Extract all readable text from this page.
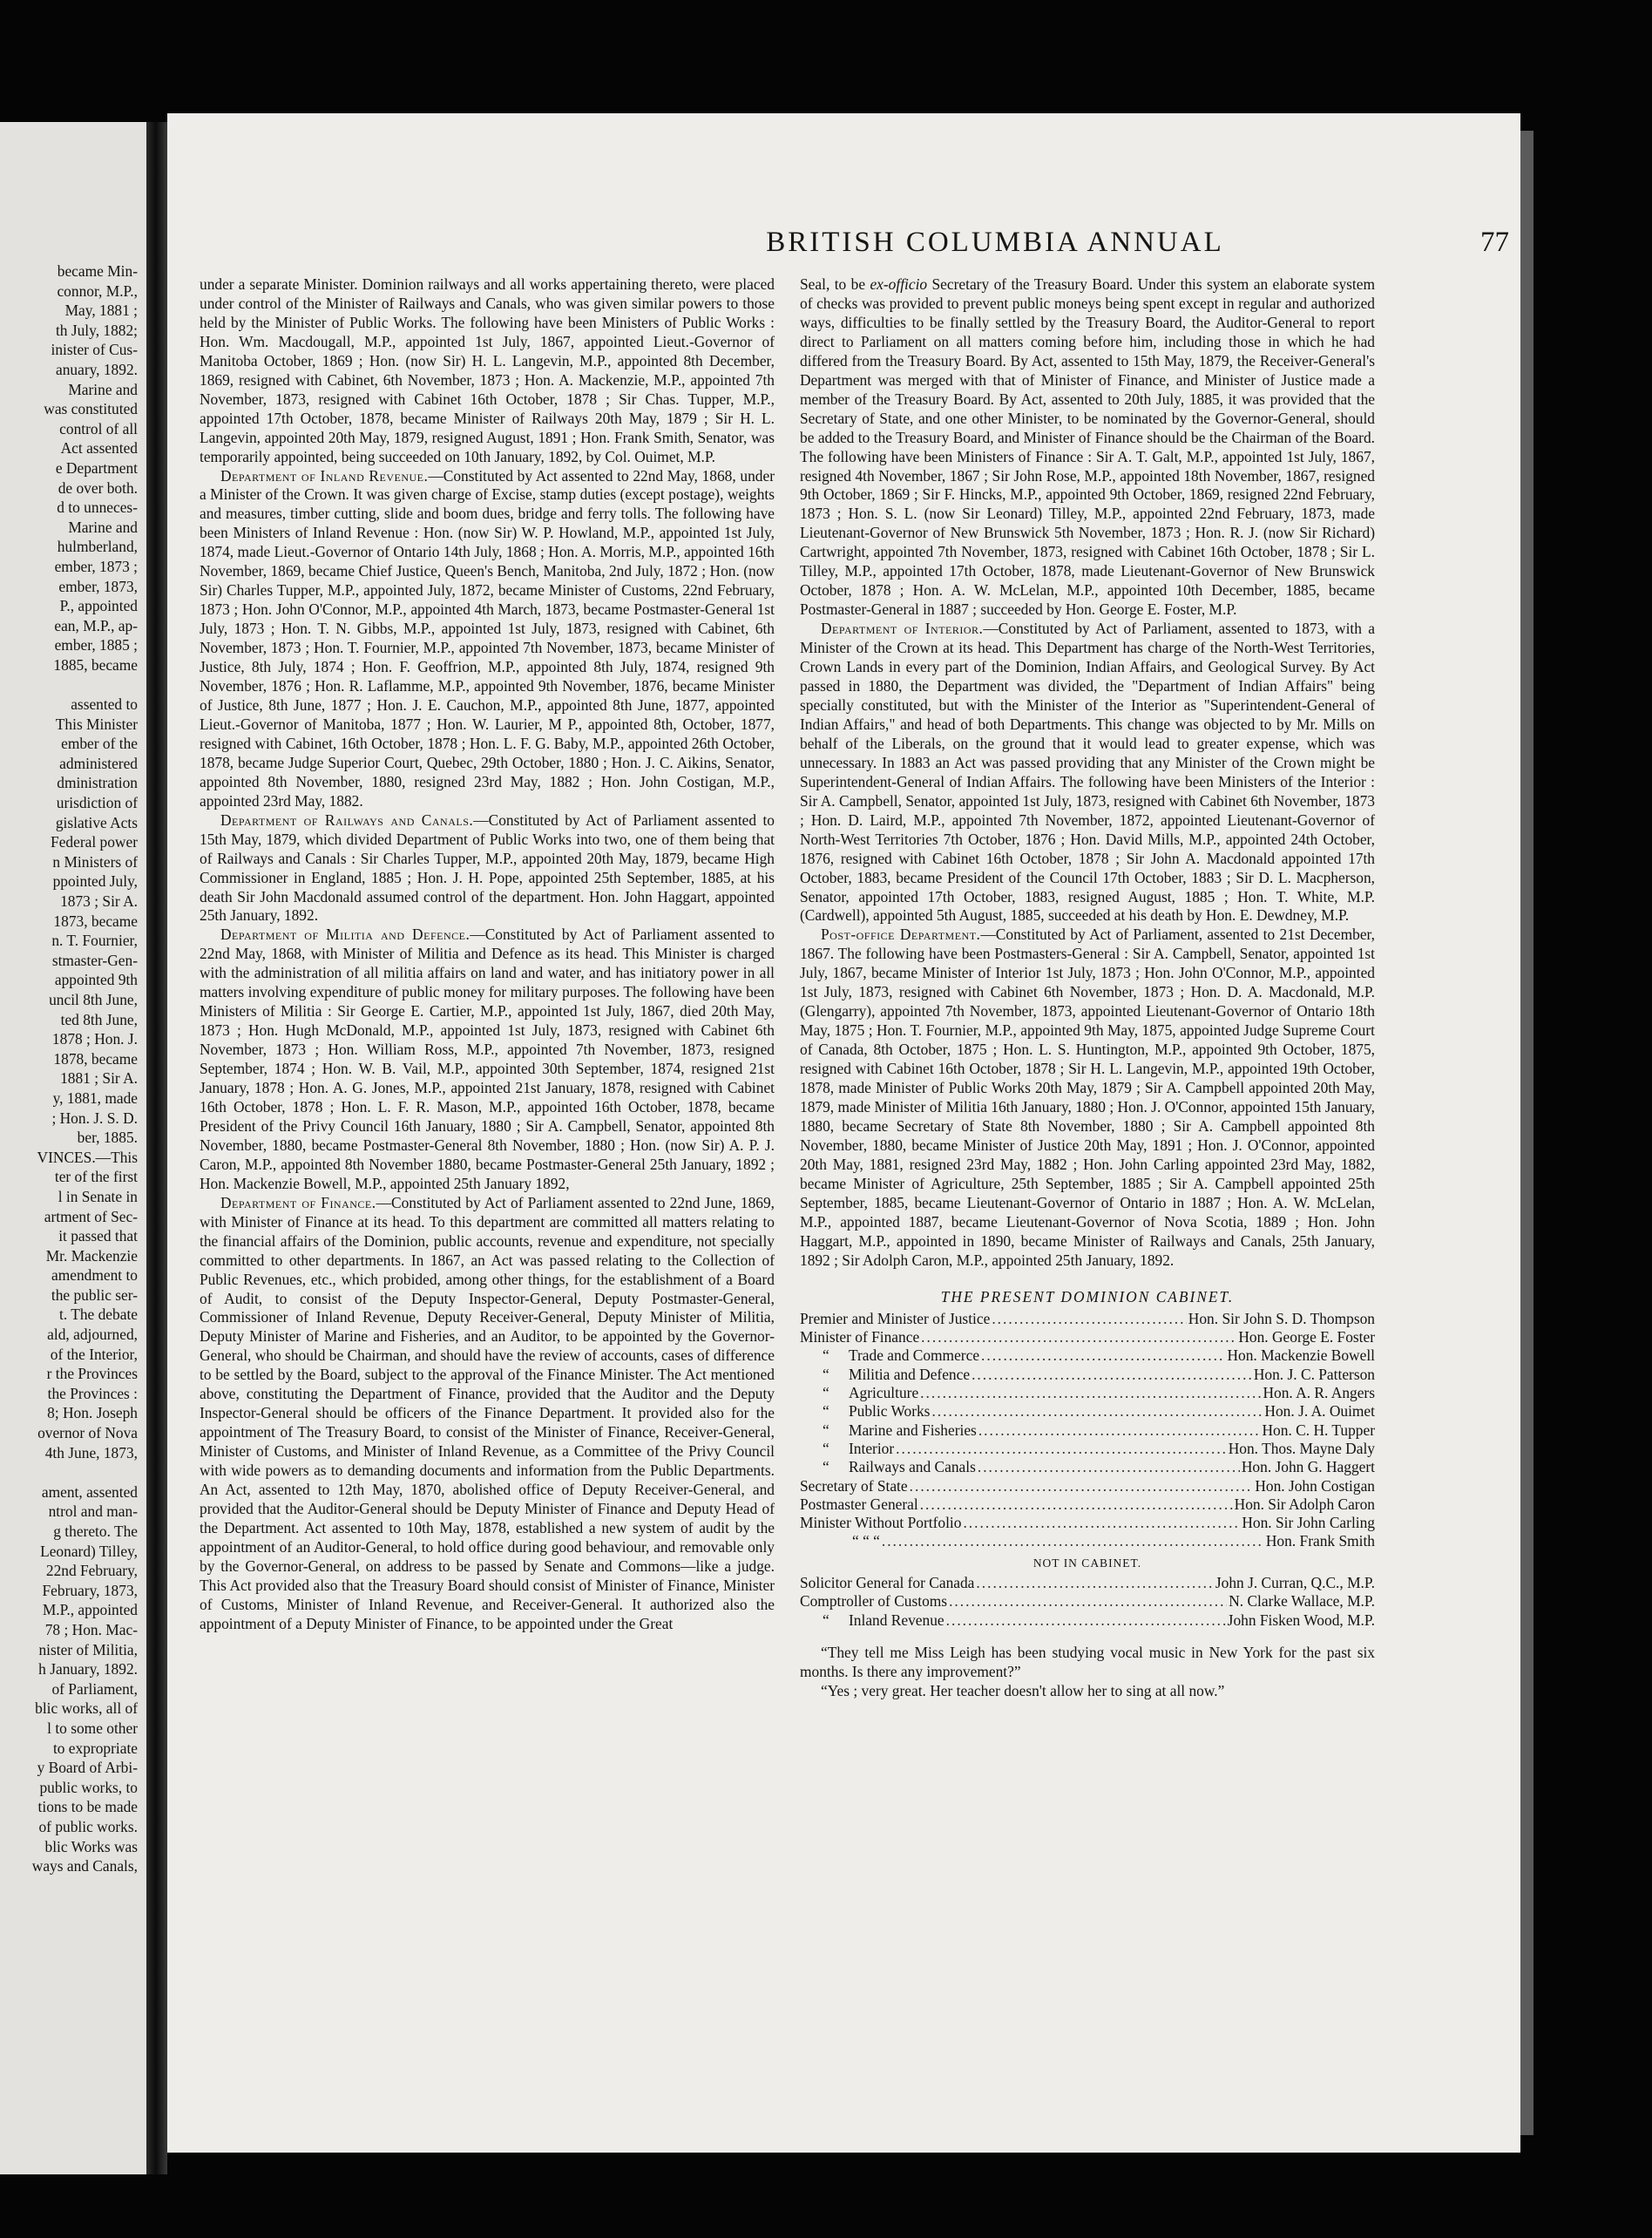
became Min-
connor, M.P.,
May, 1881 ;
th July, 1882;
inister of Cus-
anuary, 1892.
Marine and
was constituted
control of all
Act assented
e Department
de over both.
d to unneces-
Marine and
hulmberland,
ember, 1873 ;
ember, 1873,
P., appointed
ean, M.P., ap-
ember, 1885 ;
1885, became

assented to
This Minister
ember of the
administered
dministration
urisdiction of
gislative Acts
Federal power
n Ministers of
ppointed July,
1873 ; Sir A.
1873, became
n. T. Fournier,
stmaster-Gen-
appointed 9th
uncil 8th June,
ted 8th June,
1878 ; Hon. J.
1878, became
1881 ; Sir A.
y, 1881, made
; Hon. J. S. D.
ber, 1885.
VINCES.—This
ter of the first
l in Senate in
artment of Sec-
it passed that
Mr. Mackenzie
amendment to
the public ser-
t. The debate
ald, adjourned,
of the Interior,
r the Provinces
the Provinces :
8; Hon. Joseph
overnor of Nova
4th June, 1873,

ament, assented
ntrol and man-
g thereto. The
Leonard) Tilley,
22nd February,
February, 1873,
M.P., appointed
78 ; Hon. Mac-
nister of Militia,
h January, 1892.
of Parliament,
blic works, all of
l to some other
to expropriate
y Board of Arbi-
public works, to
tions to be made
of public works.
blic Works was
ways and Canals,
BRITISH COLUMBIA ANNUAL	77

under a separate Minister. Dominion railways and all works appertaining thereto, were placed under control of the Minister of Railways and Canals, who was given similar powers to those held by the Minister of Public Works. The following have been Ministers of Public Works : Hon. Wm. Macdougall, M.P., appointed 1st July, 1867, appointed Lieut.-Governor of Manitoba October, 1869 ; Hon. (now Sir) H. L. Langevin, M.P., appointed 8th December, 1869, resigned with Cabinet, 6th November, 1873 ; Hon. A. Mackenzie, M.P., appointed 7th November, 1873, resigned with Cabinet 16th October, 1878 ; Sir Chas. Tupper, M.P., appointed 17th October, 1878, became Minister of Railways 20th May, 1879 ; Sir H. L. Langevin, appointed 20th May, 1879, resigned August, 1891 ; Hon. Frank Smith, Senator, was temporarily appointed, being succeeded on 10th January, 1892, by Col. Ouimet, M.P.

Department of Inland Revenue.—Constituted by Act assented to 22nd May, 1868, under a Minister of the Crown. It was given charge of Excise, stamp duties (except postage), weights and measures, timber cutting, slide and boom dues, bridge and ferry tolls. The following have been Ministers of Inland Revenue : Hon. (now Sir) W. P. Howland, M.P., appointed 1st July, 1874, made Lieut.-Governor of Ontario 14th July, 1868 ; Hon. A. Morris, M.P., appointed 16th November, 1869, became Chief Justice, Queen's Bench, Manitoba, 2nd July, 1872 ; Hon. (now Sir) Charles Tupper, M.P., appointed July, 1872, became Minister of Customs, 22nd February, 1873 ; Hon. John O'Connor, M.P., appointed 4th March, 1873, became Postmaster-General 1st July, 1873 ; Hon. T. N. Gibbs, M.P., appointed 1st July, 1873, resigned with Cabinet, 6th November, 1873 ; Hon. T. Fournier, M.P., appointed 7th November, 1873, became Minister of Justice, 8th July, 1874 ; Hon. F. Geoffrion, M.P., appointed 8th July, 1874, resigned 9th November, 1876 ; Hon. R. Laflamme, M.P., appointed 9th November, 1876, became Minister of Justice, 8th June, 1877 ; Hon. J. E. Cauchon, M.P., appointed 8th June, 1877, appointed Lieut.-Governor of Manitoba, 1877 ; Hon. W. Laurier, M P., appointed 8th, October, 1877, resigned with Cabinet, 16th October, 1878 ; Hon. L. F. G. Baby, M.P., appointed 26th October, 1878, became Judge Superior Court, Quebec, 29th October, 1880 ; Hon. J. C. Aikins, Senator, appointed 8th November, 1880, resigned 23rd May, 1882 ; Hon. John Costigan, M.P., appointed 23rd May, 1882.

Department of Railways and Canals.—Constituted by Act of Parliament assented to 15th May, 1879, which divided Department of Public Works into two, one of them being that of Railways and Canals : Sir Charles Tupper, M.P., appointed 20th May, 1879, became High Commissioner in England, 1885 ; Hon. J. H. Pope, appointed 25th September, 1885, at his death Sir John Macdonald assumed control of the department. Hon. John Haggart, appointed 25th January, 1892.

Department of Militia and Defence.—Constituted by Act of Parliament assented to 22nd May, 1868, with Minister of Militia and Defence as its head. This Minister is charged with the administration of all militia affairs on land and water, and has initiatory power in all matters involving expenditure of public money for military purposes. The following have been Ministers of Militia : Sir George E. Cartier, M.P., appointed 1st July, 1867, died 20th May, 1873 ; Hon. Hugh McDonald, M.P., appointed 1st July, 1873, resigned with Cabinet 6th November, 1873 ; Hon. William Ross, M.P., appointed 7th November, 1873, resigned September, 1874 ; Hon. W. B. Vail, M.P., appointed 30th September, 1874, resigned 21st January, 1878 ; Hon. A. G. Jones, M.P., appointed 21st January, 1878, resigned with Cabinet 16th October, 1878 ; Hon. L. F. R. Mason, M.P., appointed 16th October, 1878, became President of the Privy Council 16th January, 1880 ; Sir A. Campbell, Senator, appointed 8th November, 1880, became Postmaster-General 8th November, 1880 ; Hon. (now Sir) A. P. J. Caron, M.P., appointed 8th November 1880, became Postmaster-General 25th January, 1892 ; Hon. Mackenzie Bowell, M.P., appointed 25th January 1892,

Department of Finance.—Constituted by Act of Parliament assented to 22nd June, 1869, with Minister of Finance at its head. To this department are committed all matters relating to the financial affairs of the Dominion, public accounts, revenue and expenditure, not specially committed to other departments. In 1867, an Act was passed relating to the Collection of Public Revenues, etc., which probided, among other things, for the establishment of a Board of Audit, to consist of the Deputy Inspector-General, Deputy Postmaster-General, Commissioner of Inland Revenue, Deputy Receiver-General, Deputy Minister of Militia, Deputy Minister of Marine and Fisheries, and an Auditor, to be appointed by the Governor-General, who should be Chairman, and should have the review of accounts, cases of difference to be settled by the Board, subject to the approval of the Finance Minister. The Act mentioned above, constituting the Department of Finance, provided that the Auditor and the Deputy Inspector-General should be officers of the Finance Department. It provided also for the appointment of The Treasury Board, to consist of the Minister of Finance, Receiver-General, Minister of Customs, and Minister of Inland Revenue, as a Committee of the Privy Council with wide powers as to demanding documents and information from the Public Departments. An Act, assented to 12th May, 1870, abolished office of Deputy Receiver-General, and provided that the Auditor-General should be Deputy Minister of Finance and Deputy Head of the Department. Act assented to 10th May, 1878, established a new system of audit by the appointment of an Auditor-General, to hold office during good behaviour, and removable only by the Governor-General, on address to be passed by Senate and Commons—like a judge. This Act provided also that the Treasury Board should consist of Minister of Finance, Minister of Customs, Minister of Inland Revenue, and Receiver-General. It authorized also the appointment of a Deputy Minister of Finance, to be appointed under the Great

Seal, to be ex-officio Secretary of the Treasury Board. Under this system an elaborate system of checks was provided to prevent public moneys being spent except in regular and authorized ways, difficulties to be finally settled by the Treasury Board, the Auditor-General to report direct to Parliament on all matters coming before him, including those in which he had differed from the Treasury Board. By Act, assented to 15th May, 1879, the Receiver-General's Department was merged with that of Minister of Finance, and Minister of Justice made a member of the Treasury Board. By Act, assented to 20th July, 1885, it was provided that the Secretary of State, and one other Minister, to be nominated by the Governor-General, should be added to the Treasury Board, and Minister of Finance should be the Chairman of the Board. The following have been Ministers of Finance : Sir A. T. Galt, M.P., appointed 1st July, 1867, resigned 4th November, 1867 ; Sir John Rose, M.P., appointed 18th November, 1867, resigned 9th October, 1869 ; Sir F. Hincks, M.P., appointed 9th October, 1869, resigned 22nd February, 1873 ; Hon. S. L. (now Sir Leonard) Tilley, M.P., appointed 22nd February, 1873, made Lieutenant-Governor of New Brunswick 5th November, 1873 ; Hon. R. J. (now Sir Richard) Cartwright, appointed 7th November, 1873, resigned with Cabinet 16th October, 1878 ; Sir L. Tilley, M.P., appointed 17th October, 1878, made Lieutenant-Governor of New Brunswick October, 1878 ; Hon. A. W. McLelan, M.P., appointed 10th December, 1885, became Postmaster-General in 1887 ; succeeded by Hon. George E. Foster, M.P.

Department of Interior.—Constituted by Act of Parliament, assented to 1873, with a Minister of the Crown at its head. This Department has charge of the North-West Territories, Crown Lands in every part of the Dominion, Indian Affairs, and Geological Survey. By Act passed in 1880, the Department was divided, the "Department of Indian Affairs" being specially constituted, but with the Minister of the Interior as "Superintendent-General of Indian Affairs," and head of both Departments. This change was objected to by Mr. Mills on behalf of the Liberals, on the ground that it would lead to greater expense, which was unnecessary. In 1883 an Act was passed providing that any Minister of the Crown might be Superintendent-General of Indian Affairs. The following have been Ministers of the Interior : Sir A. Campbell, Senator, appointed 1st July, 1873, resigned with Cabinet 6th November, 1873 ; Hon. D. Laird, M.P., appointed 7th November, 1872, appointed Lieutenant-Governor of North-West Territories 7th October, 1876 ; Hon. David Mills, M.P., appointed 24th October, 1876, resigned with Cabinet 16th October, 1878 ; Sir John A. Macdonald appointed 17th October, 1883, became President of the Council 17th October, 1883 ; Sir D. L. Macpherson, Senator, appointed 17th October, 1883, resigned August, 1885 ; Hon. T. White, M.P. (Cardwell), appointed 5th August, 1885, succeeded at his death by Hon. E. Dewdney, M.P.

Post-office Department.—Constituted by Act of Parliament, assented to 21st December, 1867. The following have been Postmasters-General : Sir A. Campbell, Senator, appointed 1st July, 1867, became Minister of Interior 1st July, 1873 ; Hon. John O'Connor, M.P., appointed 1st July, 1873, resigned with Cabinet 6th November, 1873 ; Hon. D. A. Macdonald, M.P. (Glengarry), appointed 7th November, 1873, appointed Lieutenant-Governor of Ontario 18th May, 1875 ; Hon. T. Fournier, M.P., appointed 9th May, 1875, appointed Judge Supreme Court of Canada, 8th October, 1875 ; Hon. L. S. Huntington, M.P., appointed 9th October, 1875, resigned with Cabinet 16th October, 1878 ; Sir H. L. Langevin, M.P., appointed 19th October, 1878, made Minister of Public Works 20th May, 1879 ; Sir A. Campbell appointed 20th May, 1879, made Minister of Militia 16th January, 1880 ; Hon. J. O'Connor, appointed 15th January, 1880, became Secretary of State 8th November, 1880 ; Sir A. Campbell appointed 8th November, 1880, became Minister of Justice 20th May, 1891 ; Hon. J. O'Connor, appointed 20th May, 1881, resigned 23rd May, 1882 ; Hon. John Carling appointed 23rd May, 1882, became Minister of Agriculture, 25th September, 1885 ; Sir A. Campbell appointed 25th September, 1885, became Lieutenant-Governor of Ontario in 1887 ; Hon. A. W. McLelan, M.P., appointed 1887, became Lieutenant-Governor of Nova Scotia, 1889 ; Hon. John Haggart, M.P., appointed in 1890, became Minister of Railways and Canals, 25th January, 1892 ; Sir Adolph Caron, M.P., appointed 25th January, 1892.

THE PRESENT DOMINION CABINET.
Premier and Minister of Justice .....	Hon. Sir John S. D. Thompson
Minister of Finance .....	Hon. George E. Foster
“ Trade and Commerce .....	Hon. Mackenzie Bowell
“ Militia and Defence .....	Hon. J. C. Patterson
“ Agriculture .....	Hon. A. R. Angers
“ Public Works .....	Hon. J. A. Ouimet
“ Marine and Fisheries .....	Hon. C. H. Tupper
“ Interior .....	Hon. Thos. Mayne Daly
“ Railways and Canals .....	Hon. John G. Haggert
Secretary of State .....	Hon. John Costigan
Postmaster General .....	Hon. Sir Adolph Caron
Minister Without Portfolio .....	Hon. Sir John Carling
“ “ “ .....	Hon. Frank Smith
NOT IN CABINET.
Solicitor General for Canada .....	John J. Curran, Q.C., M.P.
Comptroller of Customs .....	N. Clarke Wallace, M.P.
“ Inland Revenue .....	John Fisken Wood, M.P.

“They tell me Miss Leigh has been studying vocal music in New York for the past six months. Is there any improvement?”

“Yes ; very great. Her teacher doesn't allow her to sing at all now.”
